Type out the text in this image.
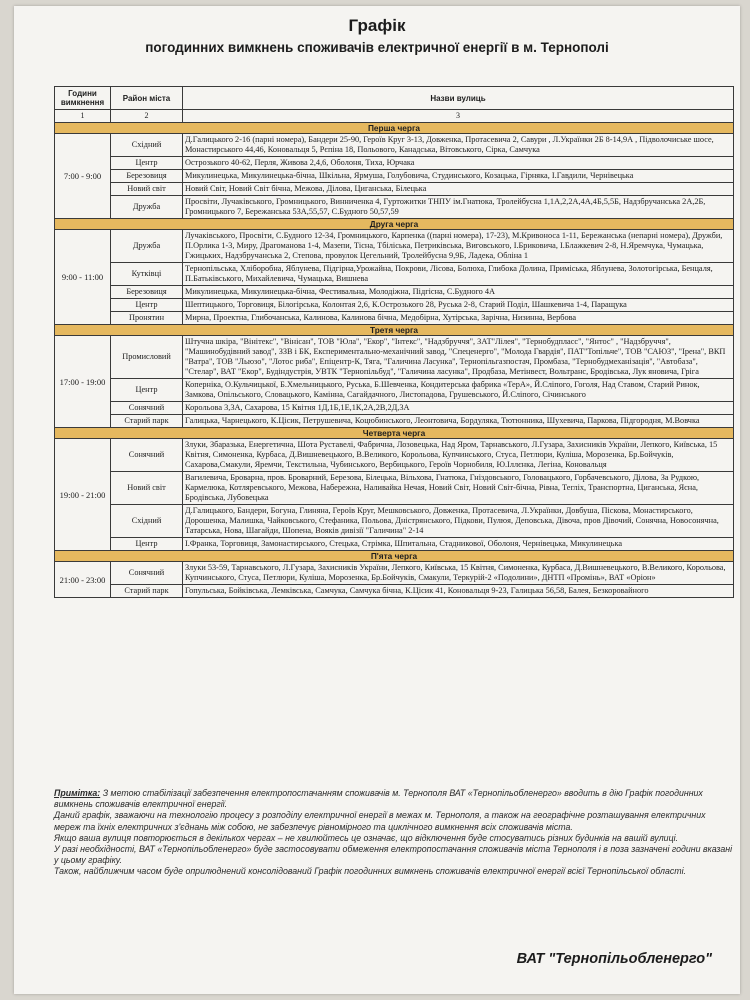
Графік
погодинних вимкнень споживачів електричної енергії в м. Тернополі
Години вимкнення	Район міста	Назви вулиць
1	2	3
Перша черга		
7:00 - 9:00	Східний	Д.Галицького 2-16 (парні номера), Бандери 25-90, Героїв Круг 3-13, Довженка, Протасевича 2, Савури , Л.Українки 2Б 8-14,9А , Підволочиське шосе, Монастирського 44,46, Коновальця 5, Рєпіна 18, Польового, Канадська, Вітовського, Сірка, Самчука
	Центр	Острозького 40-62, Перля, Живова 2,4,6, Оболоня, Тиха, Юрчака
	Березовиця	Микулинецька, Микулинецька-бічна, Шкільна, Ярмуша, Голубовича, Студинського, Козацька, Гірняка, І.Гавдили, Чернівецька
	Новий світ	Новий Світ, Новий Світ бічна, Межова, Ділова, Циганська, Білецька
	Дружба	Просвіти, Лучаківського, Громницького, Винниченка 4, Гуртожитки ТНПУ ім.Гнатюка, Тролейбусна 1,1А,2,2А,4А,4Б,5,5Б, Надзбручанська 2А,2Б, Громницького 7, Бережанська 53А,55,57, С.Будного 50,57,59
Друга черга		
9:00 - 11:00	Дружба	Лучаківського, Просвіти, С.Будного 12-34, Громницького, Карпенка ((парні номера), 17-23), М.Кривоноса 1-11, Бережанська (непарні номера), Дружби, П.Орлика 1-3, Миру, Драгоманова 1-4, Мазепи, Тісна, Тбіліська, Петриківська, Виговського, І.Бриковича, І.Блажкевич 2-8, Н.Яремчука, Чумацька, Гжицьких, Надзбручанська 2, Степова, провулок Цегельний, Тролейбусна 9,9Б, Ладека, Обліна 1
	Кутківці	Тернопільська, Хліборобна, Яблунева, Підгірна,Урожайна, Покрови, Лісова, Болюха, Глибока Долина, Приміська, Яблунева, Золотогірська, Бенцаля, П.Батьківського, Михайлевича, Чумацька, Вишнева
	Березовиця	Микулинецька, Микулинецька-бічна, Фестивальна, Молодіжна, Підгісна, С.Будного 4А
	Центр	Шептицького, Торговиця, Білогірська, Колонтая 2,6, К.Острозького 28, Руська 2-8, Старий Поділ, Шашкевича 1-4, Паращука
	Пронятин	Мирна, Проектна, Глибочанська, Калинова, Калинова бічна, Медобірна, Хутірська, Зарічна, Низинна, Вербова
Третя черга		
17:00 - 19:00	Промисловий	Штучна шкіра, "Вінітекс", "Вінісан", ТОВ "Юла", "Екор", "Інтекс", "Надзбруччя", ЗАТ"Лілея", "Тернобудпласс", "Янтос" , "Надзбруччя", "Машинобудівний завод", ЗЗВ і БК, Експериментально-механічний завод, "Спеценерго", "Молода Гвардія", ПАТ"Топільче", ТОВ "САЮЗ", "Ірена", ВКП "Ватра", ТОВ "Льюзо", "Лотос рибa", Епіцентр-К, Тяга, "Галичина Ласунка", Тернопільгазпостач, Промбаза, "Тернобудмеханізація", "Автобаза", "Стелар", ВАТ "Екор", Будіндустрія, УВТК "Тернопільбуд", "Галичина ласунка", Продбаза, Метінвест, Вольтранс, Бродівська, Лук яновича, Гріга
	Центр	Коперніка, О.Кульчицької, Б.Хмельницького, Руська, Б.Шевченка, Кондитерська фабрика «ТерА», Й.Сліпого, Гоголя, Над Ставом, Старий Ринок, Замкова, Опільського, Словацького, Камінна, Сагайдачного, Листопадова, Грушевського, Й.Сліпого, Січинського
	Сонячний	Корольова 3,3А, Сахарова, 15 Квітня 1Д,1Б,1Е,1К,2А,2В,2Д,3А
	Старий парк	Галицька, Чарнецького, К.Цісик, Петрушевича, Коцюбинського, Леонтовича, Бордуляка, Тютюнника, Шухевича, Паркова, Підгородня, М.Вовчка
Четверта черга		
19:00 - 21:00	Сонячний	Злуки, Збаразька, Енергетична, Шота Руставелі, Фабрична, Лозовецька, Над Яром, Тарнавського, Л.Гузара, Захисників України, Лепкого, Київська, 15 Квітня, Симоненка, Курбаса, Д.Вишневецького, В.Великого, Корольова, Купчинського, Стуса, Петлюри, Куліша, Морозенка, Бр.Бойчуків, Сахарова,Смакули, Яремчи, Текстильна, Чубинського, Вербицького, Героїв Чорнобиля, Ю.Іллєнка, Легіна, Коновальця
	Новий світ	Вагилевича, Броварна, пров. Броварний, Березова, Білецька, Вільхова, Гнатюка, Гніздовського, Головацького, Горбачевського, Ділова, За Рудкою, Кармелюка, Котляревського, Межова, Набережна, Наливайка Нечая, Новий Світ, Новий Світ-бічна, Рівна, Тегліх, Транспортна, Циганська, Ясна, Бродівська, Лубовецька
	Східний	Д.Галицького, Бандери, Богуна, Глинянa, Героїв Круг, Мешковського, Довженка, Протасевича, Л.Українки, Довбуша, Піскова, Монастирського, Дорошенка, Малишка, Чайковського, Стефаника, Польова, Дністрянського, Підкови, Пулюя, Деповська, Дівоча, пров Дівочий, Сонячна, Новосонячна, Татарська, Нова, Шагайди, Шопена, Вояків дивізії "Галичина" 2-14
	Центр	І.Франка, Торговиця, Замонастирського, Стецька, Стрімка, Шпитальна, Стадникової, Оболоня, Чернівецька, Микулинецька
П'ята черга		
21:00 - 23:00	Сонячний	Злуки 53-59, Тарнавського, Л.Гузара, Захисників України, Лепкого, Київська, 15 Квітня, Симоненка, Курбаса, Д.Вишневецького, В.Великого, Корольова, Купчинського, Стуса, Петлюри, Куліша, Морозенка, Бр.Бойчуків, Смакули, Теркурій-2 «Подолини», ДНТП «Промінь», ВАТ «Оріон»
	Старий парк	Гопульська, Бойківська, Лемківська, Самчука, Самчука бічна, К.Цісик 41, Коновальця 9-23, Галицька 56,58, Балея, Безкоровайного

Примітка: З метою стабілізації забезпечення електропостачанням споживачів м. Тернополя ВАТ «Тернопільобленерго» вводить в дію Графік погодинних вимкнень споживачів електричної енергії.

Даний графік, зважаючи на технологію процесу з розподілу електричної енергії в межах м. Тернополя, а також на географічне розташування електричних мереж та їхніх електричних з'єднань між собою, не забезпечує рівномірного та циклічного вимкнення всіх споживачів міста.

Якщо ваша вулиця повторюється в декількох чергах – не хвилюйтесь це означає, що відключення буде стосуватись різних будинків на вашій вулиці.

У разі необхідності, ВАТ «Тернопільобленерго» буде застосовувати обмеження електропостачання споживачів міста Тернополя і в поза зазначені години вказані у цьому графіку.

Також, найближчим часом буде оприлюднений консолідований Графік погодинних вимкнень споживачів електричної енергії всієї Тернопільської області.

ВАТ "Тернопільобленерго"
